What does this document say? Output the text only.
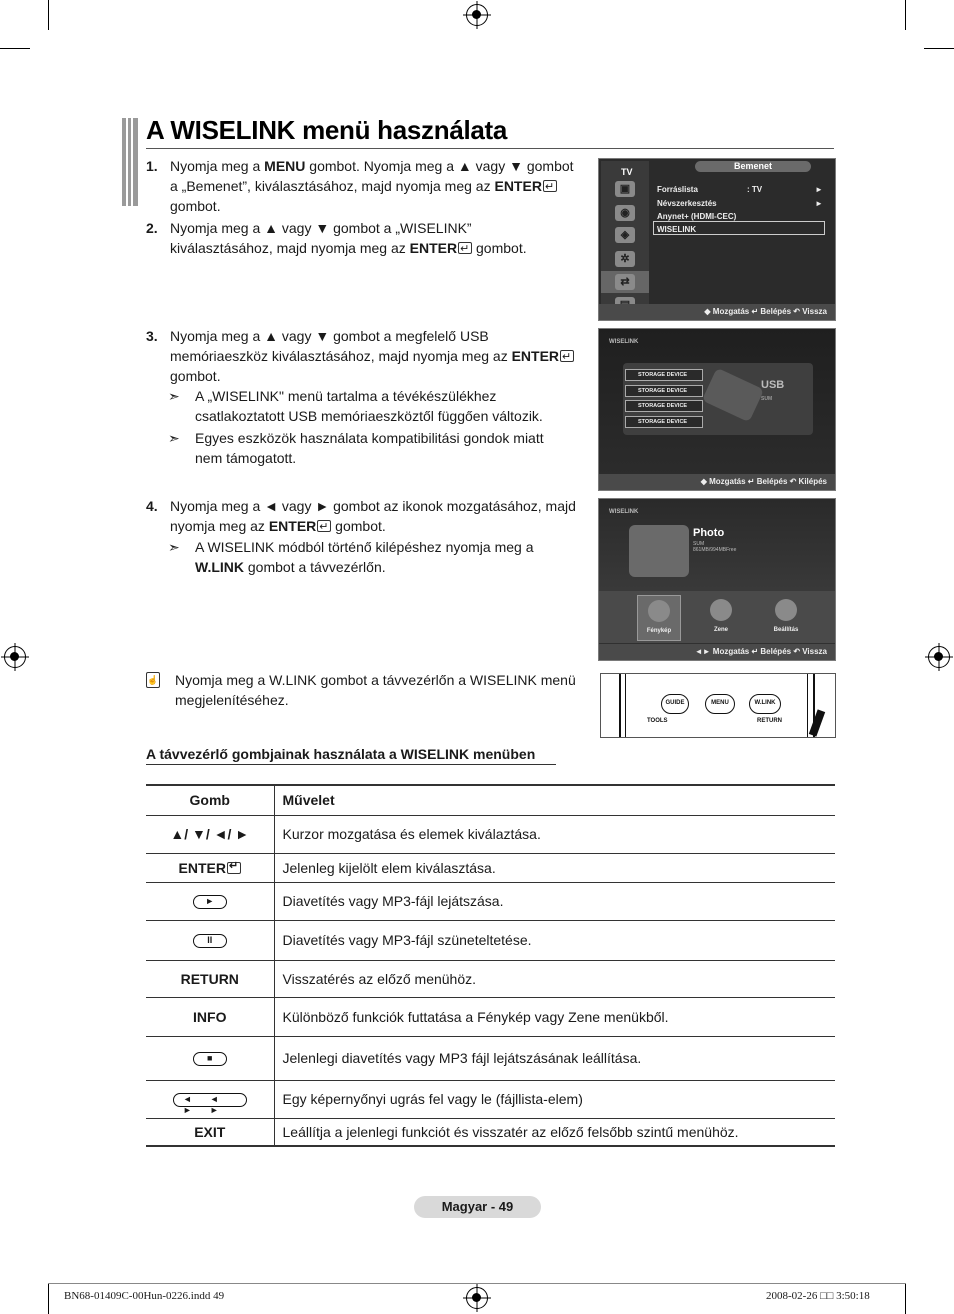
A WISELINK menü használata
1. Nyomja meg a MENU gombot. Nyomja meg a ▲ vagy ▼ gombot a „Bemenet”, kiválasztásához, majd nyomja meg az ENTER↵ gombot.
2. Nyomja meg a ▲ vagy ▼ gombot a „WISELINK” kiválasztásához, majd nyomja meg az ENTER↵ gombot.
3. Nyomja meg a ▲ vagy ▼ gombot a megfelelő USB memóriaeszköz kiválasztásához, majd nyomja meg az ENTER↵ gombot.
➣ A „WISELINK" menü tartalma a tévékészülékhez csatlakoztatott USB memóriaeszköztől függően változik.
➣ Egyes eszközök használata kompatibilitási gondok miatt nem támogatott.
4. Nyomja meg a ◄ vagy ► gombot az ikonok mozgatásához, majd nyomja meg az ENTER↵ gombot.
➣ A WISELINK módból történő kilépéshez nyomja meg a W.LINK gombot a távvezérlőn.
☝ Nyomja meg a W.LINK gombot a távvezérlőn a WISELINK menü megjelenítéséhez.
TV
▣
◉
◈
✲
⇄
Bemenet
Forráslista	: TV	►
Névszerkesztés	►
Anynet+ (HDMI-CEC)
WISELINK
◆ Mozgatás ↵ Belépés ↶ Vissza
WISELINK
STORAGE DEVICE
STORAGE DEVICE
STORAGE DEVICE
STORAGE DEVICE
USB
SUM
◆ Mozgatás ↵ Belépés ↶ Kilépés
WISELINK
Photo
SUM
861MB/994MBFree
Fénykép	Zene	Beállítás
◄► Mozgatás ↵ Belépés ↶ Vissza
GUIDE	MENU	W.LINK
TOOLS	RETURN
A távvezérlő gombjainak használata a WISELINK menüben
Gomb	Művelet
▲/ ▼/ ◄/ ►	Kurzor mozgatása és elemek kiválaztása.
ENTER↵	Jelenleg kijelölt elem kiválasztása.
►	Diavetítés vagy MP3-fájl lejátszása.
II	Diavetítés vagy MP3-fájl szüneteltetése.
RETURN	Visszatérés az előző menühöz.
INFO	Különböző funkciók futtatása a Fénykép vagy Zene menükből.
■	Jelenlegi diavetítés vagy MP3 fájl lejátszásának leállítása.
◄◄ ►►	Egy képernyőnyi ugrás fel vagy le (fájllista-elem)
EXIT	Leállítja a jelenlegi funkciót és visszatér az előző felsőbb szintű menühöz.
Magyar - 49
BN68-01409C-00Hun-0226.indd 49	2008-02-26 □□ 3:50:18
